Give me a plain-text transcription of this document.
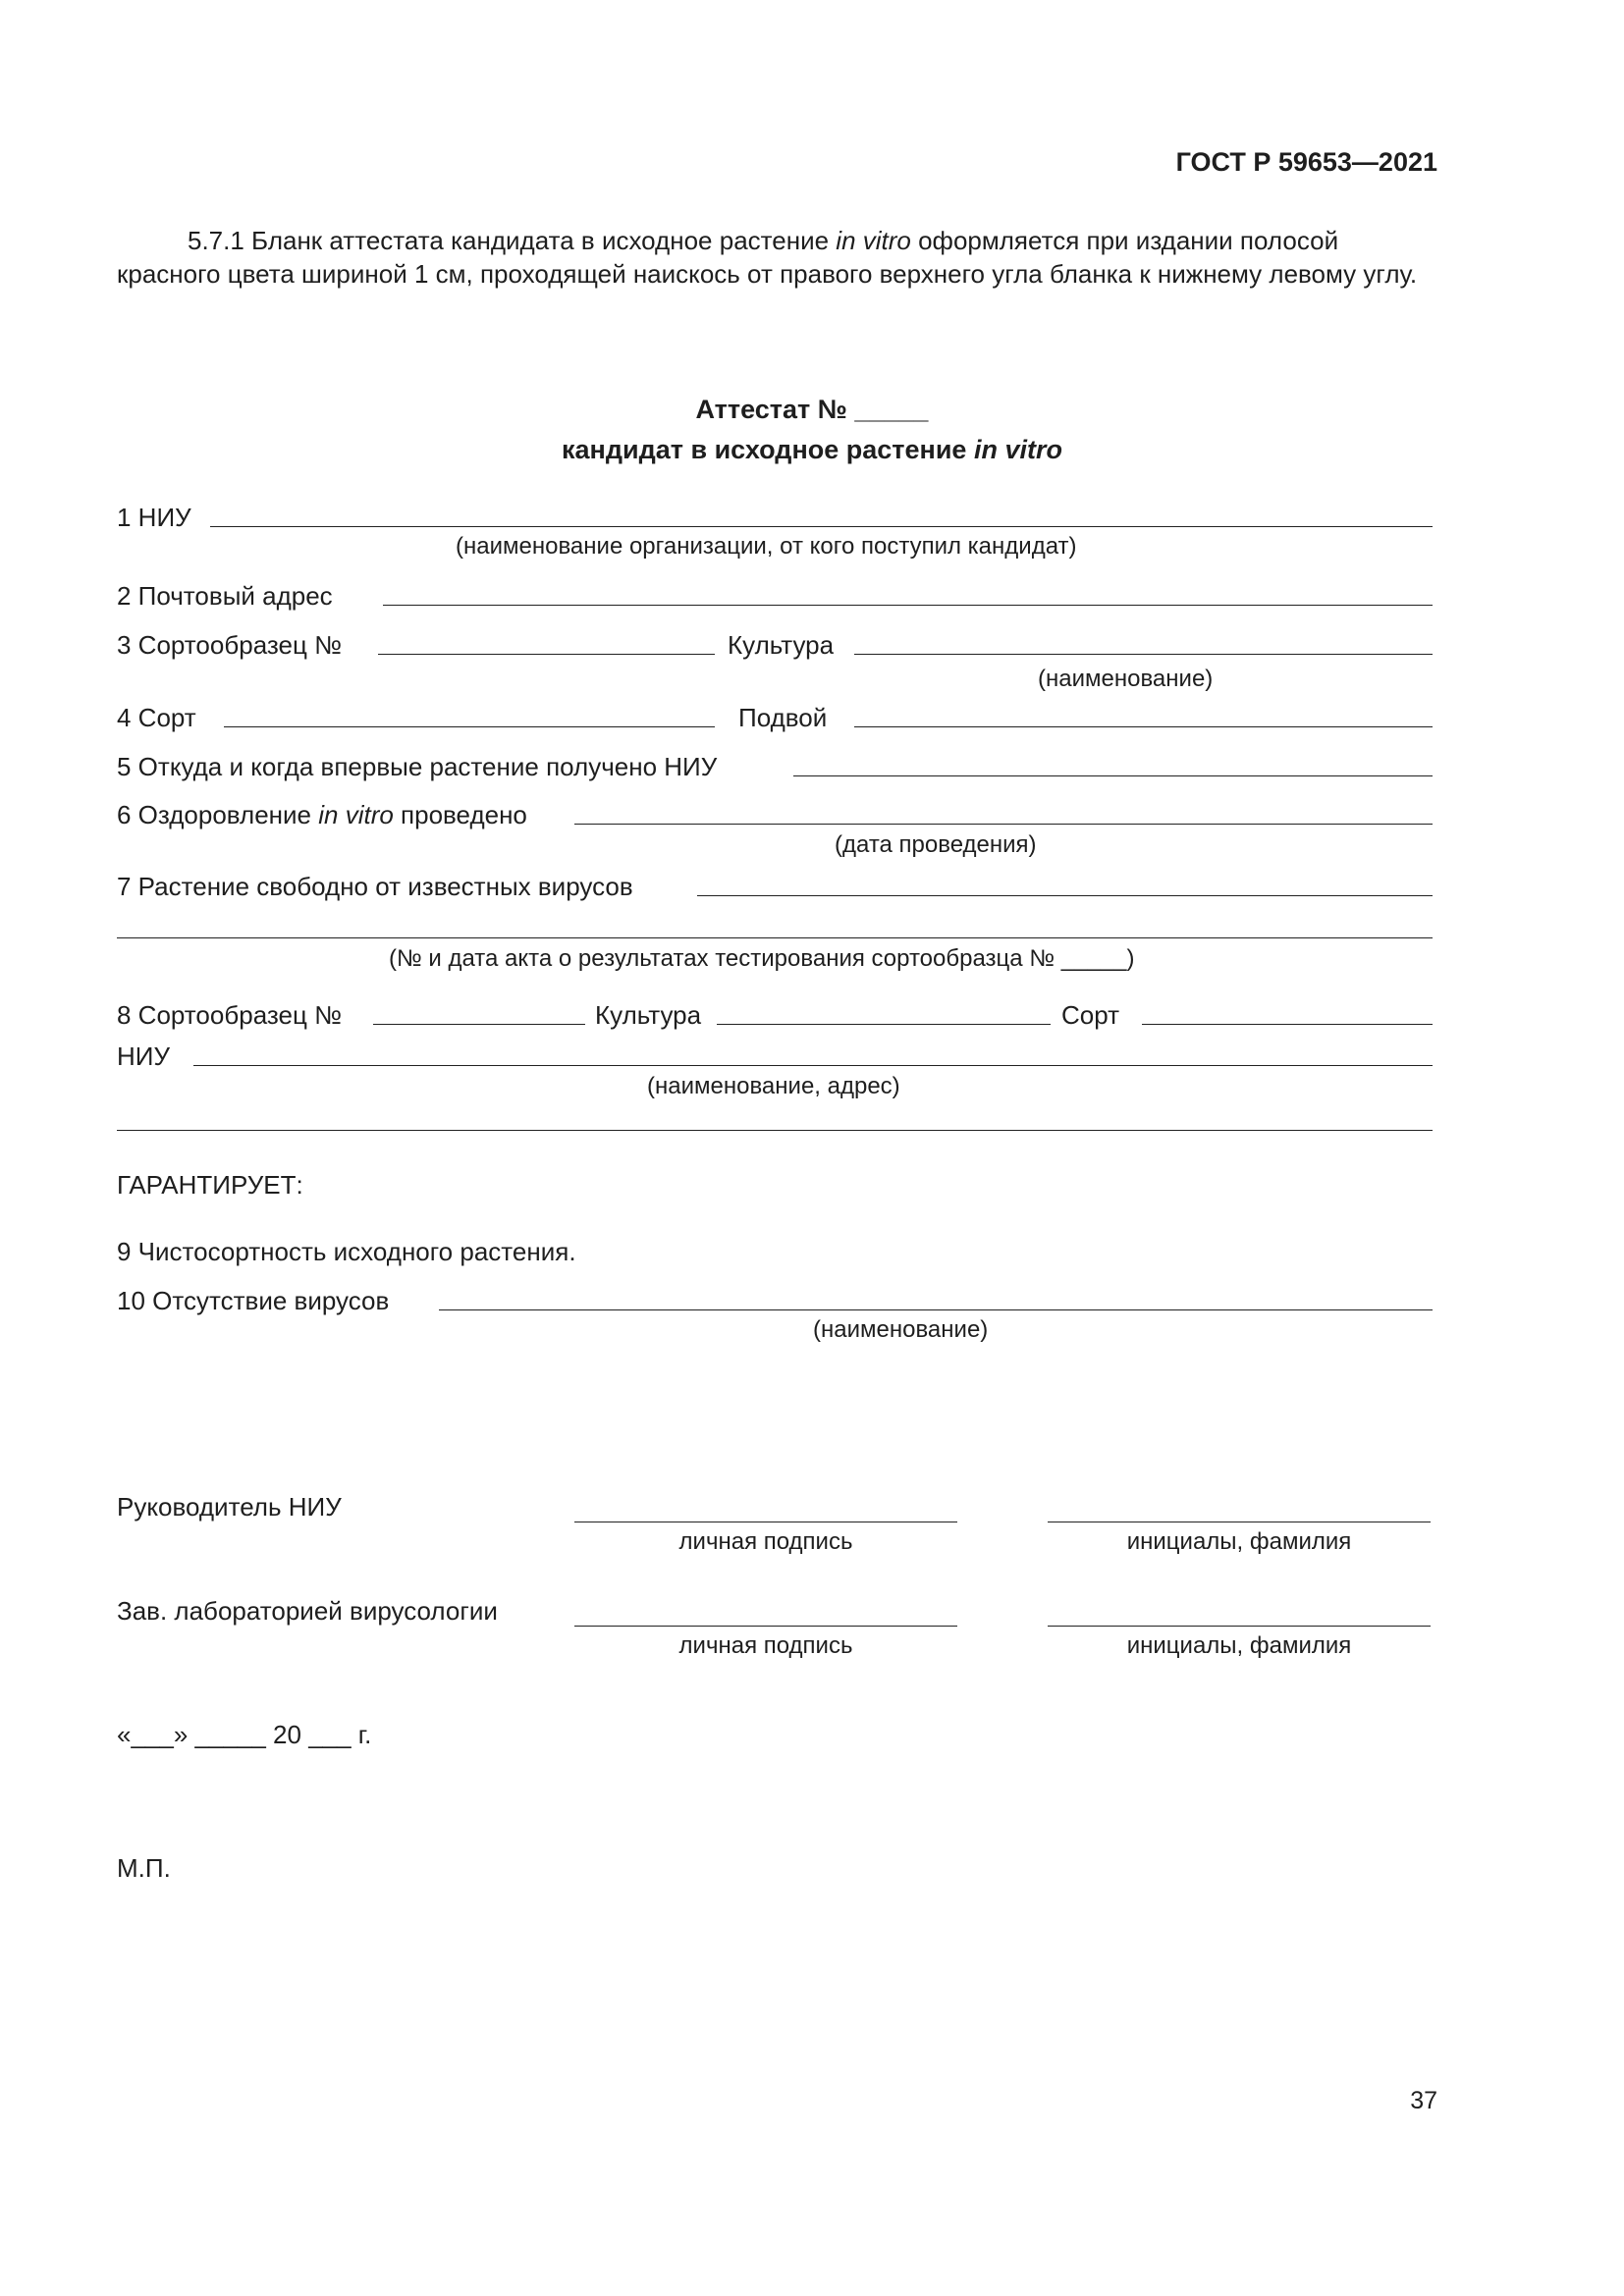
ГОСТ Р 59653—2021
5.7.1 Бланк аттестата кандидата в исходное растение in vitro оформляется при издании полосой красного цвета шириной 1 см, проходящей наискось от правого верхнего угла бланка к нижнему левому углу.
Аттестат № _____
кандидат в исходное растение in vitro
1 НИУ
(наименование организации, от кого поступил кандидат)
2 Почтовый адрес
3 Сортообразец №	Культура
(наименование)
4 Сорт	Подвой
5 Откуда и когда впервые растение получено НИУ
6 Оздоровление in vitro проведено
(дата проведения)
7 Растение свободно от известных вирусов
(№ и дата акта о результатах тестирования сортообразца № _____)
8 Сортообразец №	Культура	Сорт
НИУ
(наименование, адрес)
ГАРАНТИРУЕТ:
9 Чистосортность исходного растения.
10 Отсутствие вирусов
(наименование)
Руководитель НИУ
личная подпись	инициалы, фамилия
Зав. лабораторией вирусологии
личная подпись	инициалы, фамилия
«___» _____ 20 ___ г.
М.П.
37
